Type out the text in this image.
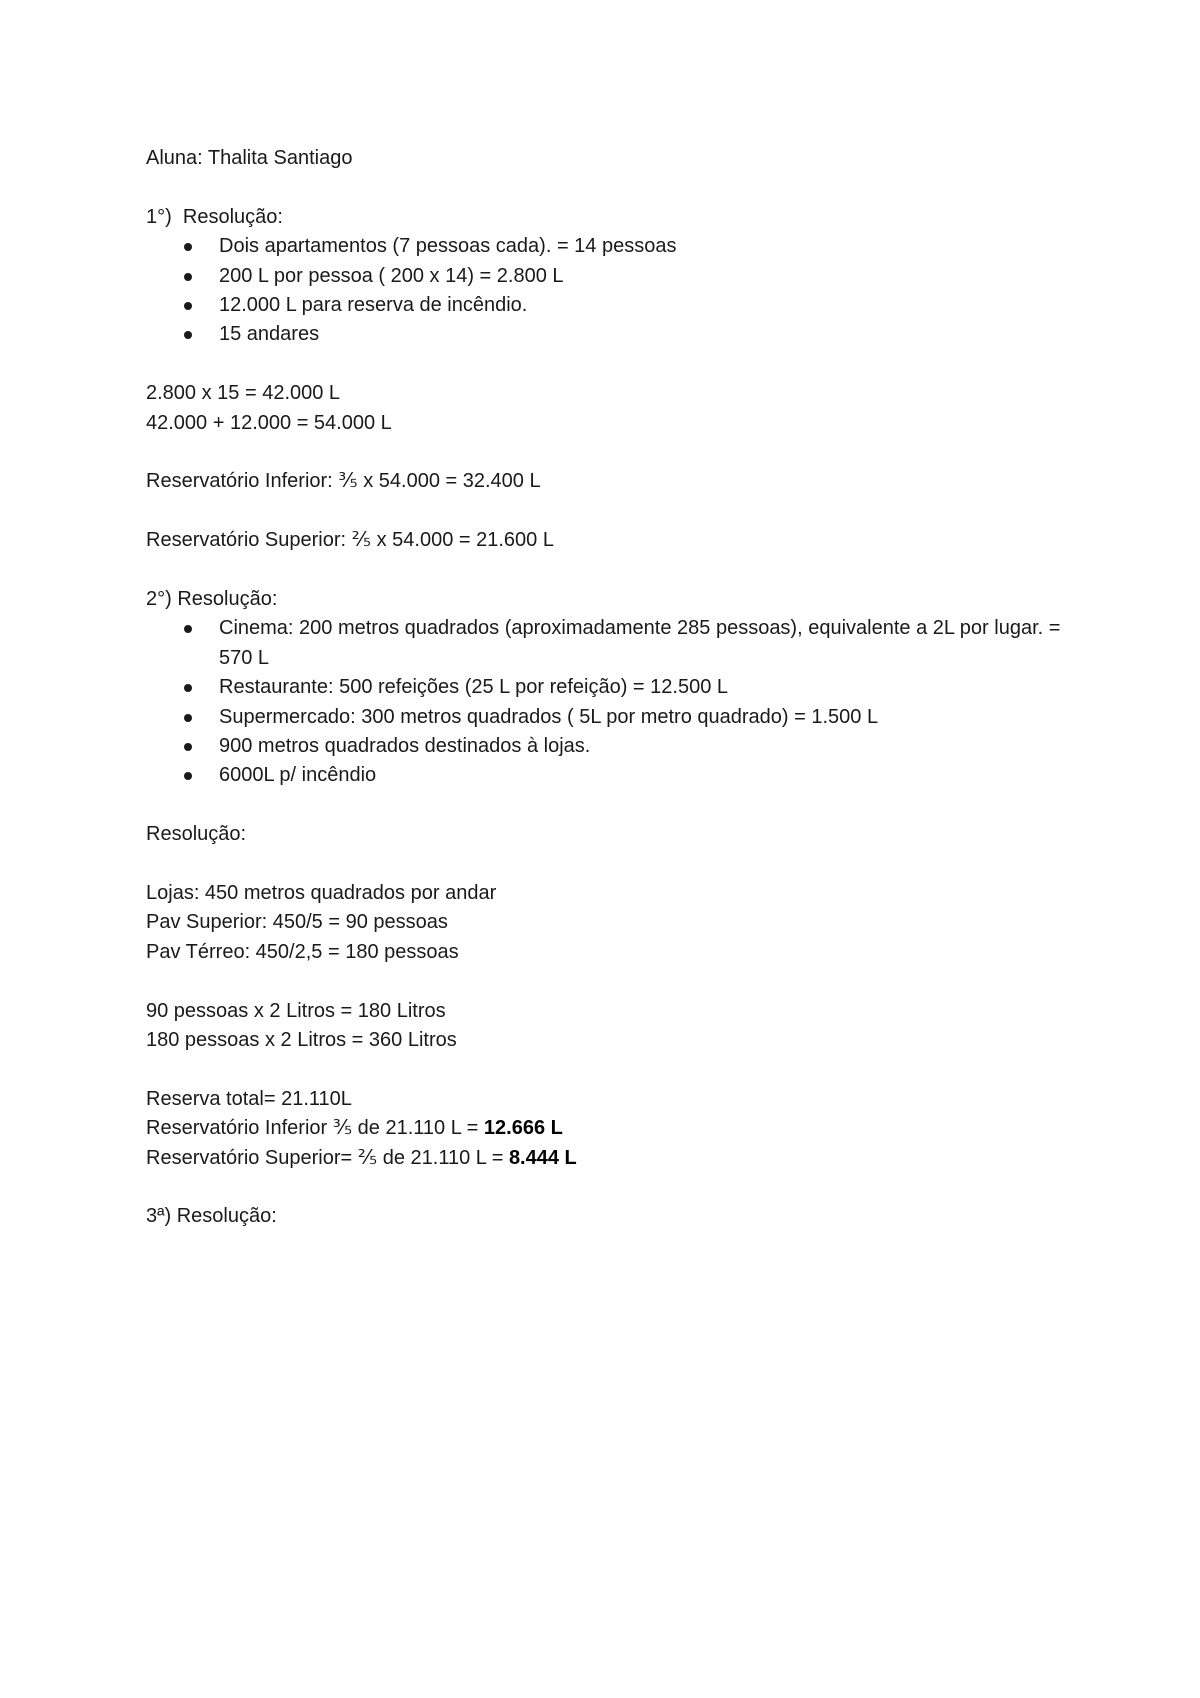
Aluna: Thalita Santiago
1°)  Resolução:
Dois apartamentos (7 pessoas cada). = 14 pessoas
200 L por pessoa ( 200 x 14) = 2.800 L
12.000 L para reserva de incêndio.
15 andares
2.800 x 15 = 42.000 L
42.000 + 12.000 = 54.000 L
Reservatório Inferior: ⅗ x 54.000 = 32.400 L
Reservatório Superior: ⅖ x 54.000 = 21.600 L
2°) Resolução:
Cinema: 200 metros quadrados (aproximadamente 285 pessoas), equivalente a 2L por lugar. = 570 L
Restaurante: 500 refeições (25 L por refeição) = 12.500 L
Supermercado: 300 metros quadrados ( 5L por metro quadrado) = 1.500 L
900 metros quadrados destinados à lojas.
6000L p/ incêndio
Resolução:
Lojas: 450 metros quadrados por andar
Pav Superior: 450/5 = 90 pessoas
Pav Térreo: 450/2,5 = 180 pessoas
90 pessoas x 2 Litros = 180 Litros
180 pessoas x 2 Litros = 360 Litros
Reserva total= 21.110L
Reservatório Inferior ⅗ de 21.110 L = 12.666 L
Reservatório Superior= ⅖ de 21.110 L = 8.444 L
3ª) Resolução:
